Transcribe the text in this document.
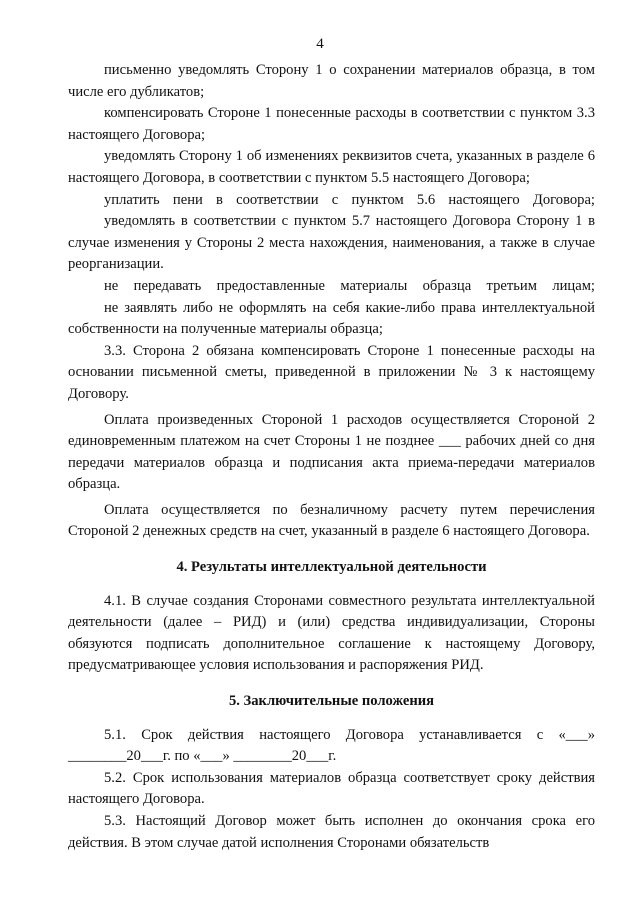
4

письменно уведомлять Сторону 1 о сохранении материалов образца, в том числе его дубликатов;

компенсировать Стороне 1 понесенные расходы в соответствии с пунктом 3.3 настоящего Договора;

уведомлять Сторону 1 об изменениях реквизитов счета, указанных в разделе 6 настоящего Договора, в соответствии с пунктом 5.5 настоящего Договора;

уплатить пени в соответствии с пунктом 5.6 настоящего Договора;

уведомлять в соответствии с пунктом 5.7 настоящего Договора Сторону 1 в случае изменения у Стороны 2 места нахождения, наименования, а также в случае реорганизации.

не передавать предоставленные материалы образца третьим лицам;

не заявлять либо не оформлять на себя какие-либо права интеллектуальной собственности на полученные материалы образца;

3.3. Сторона 2 обязана компенсировать Стороне 1 понесенные расходы на основании письменной сметы, приведенной в приложении № 3 к настоящему Договору.

Оплата произведенных Стороной 1 расходов осуществляется Стороной 2 единовременным платежом на счет Стороны 1 не позднее ___ рабочих дней со дня передачи материалов образца и подписания акта приема-передачи материалов образца.

Оплата осуществляется по безналичному расчету путем перечисления Стороной 2 денежных средств на счет, указанный в разделе 6 настоящего Договора.

4. Результаты интеллектуальной деятельности

4.1. В случае создания Сторонами совместного результата интеллектуальной деятельности (далее – РИД) и (или) средства индивидуализации, Стороны обязуются подписать дополнительное соглашение к настоящему Договору, предусматривающее условия использования и распоряжения РИД.

5. Заключительные положения

5.1. Срок действия настоящего Договора устанавливается с «___» ________20___г. по «___» ________20___г.

5.2. Срок использования материалов образца соответствует сроку действия настоящего Договора.

5.3. Настоящий Договор может быть исполнен до окончания срока его действия. В этом случае датой исполнения Сторонами обязательств
